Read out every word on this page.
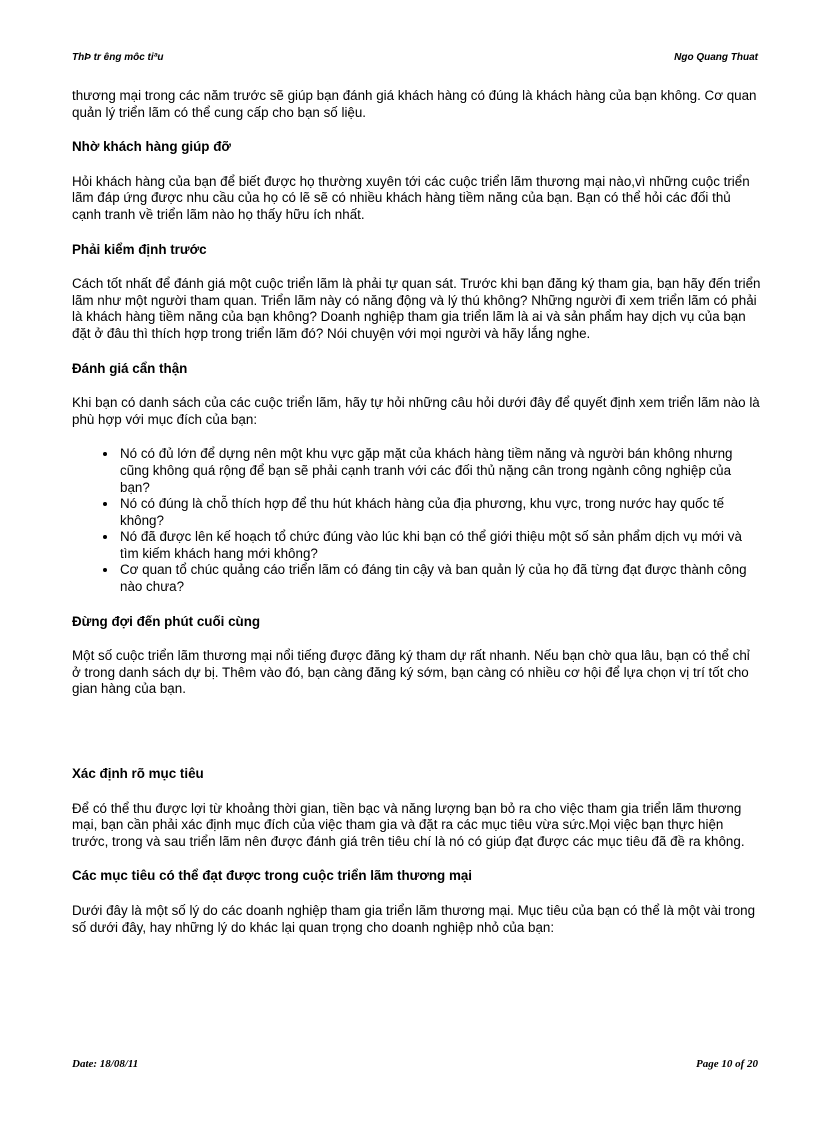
ThÞ tr êng môc tiªu	Ngo Quang Thuat

thương mại trong các năm trước sẽ giúp bạn đánh giá khách hàng có đúng là khách hàng của bạn không. Cơ quan quản lý triển lãm có thể cung cấp cho bạn số liệu.

Nhờ khách hàng giúp đỡ

Hỏi khách hàng của bạn để biết được họ thường xuyên tới các cuộc triển lãm thương mại nào,vì những cuộc triển lãm đáp ứng được nhu cầu của họ có lẽ sẽ có nhiều khách hàng tiềm năng của bạn. Bạn có thể hỏi các đối thủ cạnh tranh về triển lãm nào họ thấy hữu ích nhất.

Phải kiểm định trước

Cách tốt nhất để đánh giá một cuộc triển lãm là phải tự quan sát. Trước khi bạn đăng ký tham gia, bạn hãy đến triển lãm như một người tham quan. Triển lãm này có năng động và lý thú không? Những người đi xem triển lãm có phải là khách hàng tiềm năng của bạn không? Doanh nghiệp tham gia triển lãm là ai và sản phẩm hay dịch vụ của bạn đặt ở đâu thì thích hợp trong triển lãm đó? Nói chuyện với mọi người và hãy lắng nghe.

Đánh giá cẩn thận

Khi bạn có danh sách của các cuộc triển lãm, hãy tự hỏi những câu hỏi dưới đây để quyết định xem triển lãm nào là phù hợp với mục đích của bạn:

• Nó có đủ lớn để dựng nên một khu vực gặp mặt của khách hàng tiềm năng và người bán không nhưng cũng không quá rộng để bạn sẽ phải cạnh tranh với các đối thủ nặng cân trong ngành công nghiệp của bạn?
• Nó có đúng là chỗ thích hợp để thu hút khách hàng của địa phương, khu vực, trong nước hay quốc tế không?
• Nó đã được lên kế hoạch tổ chức đúng vào lúc khi bạn có thể giới thiệu một số sản phẩm dịch vụ mới và tìm kiếm khách hang mới không?
• Cơ quan tổ chúc quảng cáo triển lãm có đáng tin cậy và ban quản lý của họ đã từng đạt được thành công nào chưa?
Đừng đợi đến phút cuối cùng

Một số cuộc triển lãm thương mại nổi tiếng được đăng ký tham dự rất nhanh. Nếu bạn chờ qua lâu, bạn có thể chỉ ở trong danh sách dự bị. Thêm vào đó, bạn càng đăng ký sớm, bạn càng có nhiều cơ hội để lựa chọn vị trí tốt cho gian hàng của bạn.

Xác định rõ mục tiêu

Để có thể thu được lợi từ khoảng thời gian, tiền bạc và năng lượng bạn bỏ ra cho việc tham gia triển lãm thương mại, bạn cần phải xác định mục đích của việc tham gia và đặt ra các mục tiêu vừa sức.Mọi việc bạn thực hiện trước, trong và sau triển lãm nên được đánh giá trên tiêu chí là nó có giúp đạt được các mục tiêu đã đề ra không.

Các mục tiêu có thể đạt được trong cuộc triển lãm thương mại

Dưới đây là một số lý do các doanh nghiệp tham gia triển lãm thương mại. Mục tiêu của bạn có thể là một vài trong số dưới đây, hay những lý do khác lại quan trọng cho doanh nghiệp nhỏ của bạn:

Date: 18/08/11	Page 10 of 20
